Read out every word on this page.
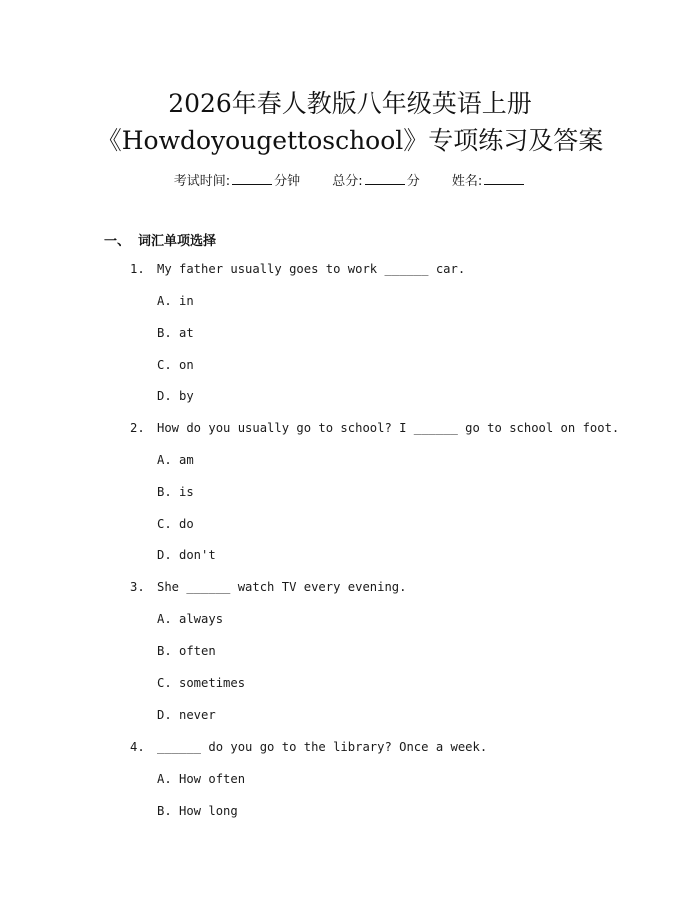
2026年春人教版八年级英语上册
《Howdoyougettoschool》专项练习及答案
考试时间:	分钟 总分:	分 姓名:
一、 词汇单项选择
1. My father usually goes to work ______ car.
A. in
B. at
C. on
D. by
2. How do you usually go to school? I ______ go to school on foot.
A. am
B. is
C. do
D. don't
3. She ______ watch TV every evening.
A. always
B. often
C. sometimes
D. never
4. ______ do you go to the library? Once a week.
A. How often
B. How long
